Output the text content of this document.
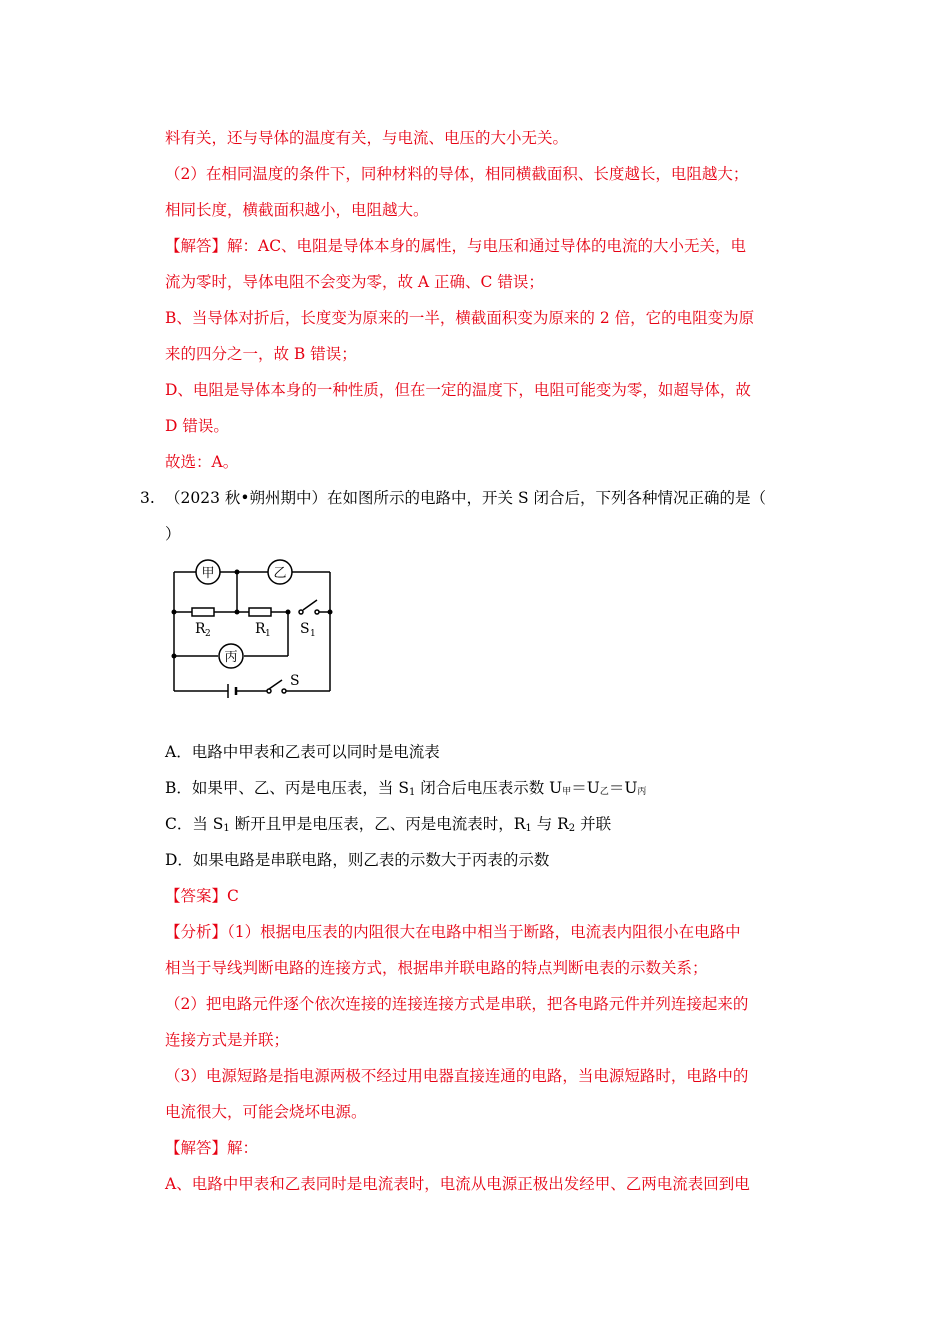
料有关，还与导体的温度有关，与电流、电压的大小无关。
（2）在相同温度的条件下，同种材料的导体，相同横截面积、长度越长，电阻越大；
相同长度，横截面积越小，电阻越大。
【解答】解：AC、电阻是导体本身的属性，与电压和通过导体的电流的大小无关，电
流为零时，导体电阻不会变为零，故 A 正确、C 错误；
B、当导体对折后，长度变为原来的一半，横截面积变为原来的 2 倍，它的电阻变为原
来的四分之一，故 B 错误；
D、电阻是导体本身的一种性质，但在一定的温度下，电阻可能变为零，如超导体，故
D 错误。
故选：A。
3. （2023 秋•朔州期中）在如图所示的电路中，开关 S 闭合后，下列各种情况正确的是（
）
甲	乙
丙
R 2	R 1 S 1
S
A．电路中甲表和乙表可以同时是电流表
B．如果甲、乙、丙是电压表，当 $S_1$ 闭合后电压表示数 U甲＝U乙＝U丙
C．当 $S_1$ 断开且甲是电压表，乙、丙是电流表时，$R_1$ 与 $R_2$ 并联
D．如果电路是串联电路，则乙表的示数大于丙表的示数
【答案】C
【分析】（1）根据电压表的内阻很大在电路中相当于断路，电流表内阻很小在电路中
相当于导线判断电路的连接方式，根据串并联电路的特点判断电表的示数关系；
（2）把电路元件逐个依次连接的连接连接方式是串联，把各电路元件并列连接起来的
连接方式是并联；
（3）电源短路是指电源两极不经过用电器直接连通的电路，当电源短路时，电路中的
电流很大，可能会烧坏电源。
【解答】解：
A、电路中甲表和乙表同时是电流表时，电流从电源正极出发经甲、乙两电流表回到电
